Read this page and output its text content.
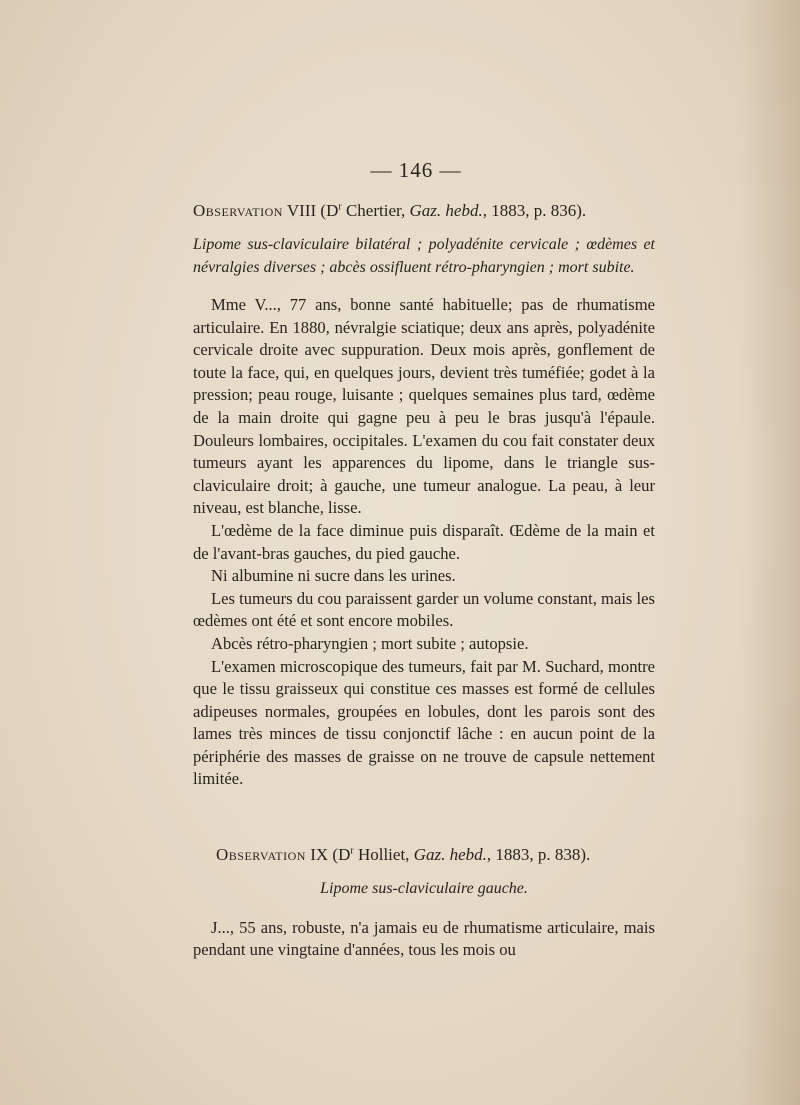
— 146 —
Observation VIII ($D^r$ Chertier, Gaz. hebd., 1883, p. 836).
Lipome sus-claviculaire bilatéral ; polyadénite cervicale ; œdèmes et névralgies diverses ; abcès ossifluent rétro-pharyngien ; mort subite.

Mme V..., 77 ans, bonne santé habituelle; pas de rhumatisme articulaire. En 1880, névralgie sciatique; deux ans après, polyadénite cervicale droite avec suppuration. Deux mois après, gonflement de toute la face, qui, en quelques jours, devient très tuméfiée; godet à la pression; peau rouge, luisante ; quelques semaines plus tard, œdème de la main droite qui gagne peu à peu le bras jusqu'à l'épaule. Douleurs lombaires, occipitales. L'examen du cou fait constater deux tumeurs ayant les apparences du lipome, dans le triangle sus-claviculaire droit; à gauche, une tumeur analogue. La peau, à leur niveau, est blanche, lisse.

L'œdème de la face diminue puis disparaît. Œdème de la main et de l'avant-bras gauches, du pied gauche.

Ni albumine ni sucre dans les urines.

Les tumeurs du cou paraissent garder un volume constant, mais les œdèmes ont été et sont encore mobiles.

Abcès rétro-pharyngien ; mort subite ; autopsie.

L'examen microscopique des tumeurs, fait par M. Suchard, montre que le tissu graisseux qui constitue ces masses est formé de cellules adipeuses normales, groupées en lobules, dont les parois sont des lames très minces de tissu conjonctif lâche : en aucun point de la périphérie des masses de graisse on ne trouve de capsule nettement limitée.

Observation IX ($D^r$ Holliet, Gaz. hebd., 1883, p. 838).
Lipome sus-claviculaire gauche.

J..., 55 ans, robuste, n'a jamais eu de rhumatisme articulaire, mais pendant une vingtaine d'années, tous les mois ou
